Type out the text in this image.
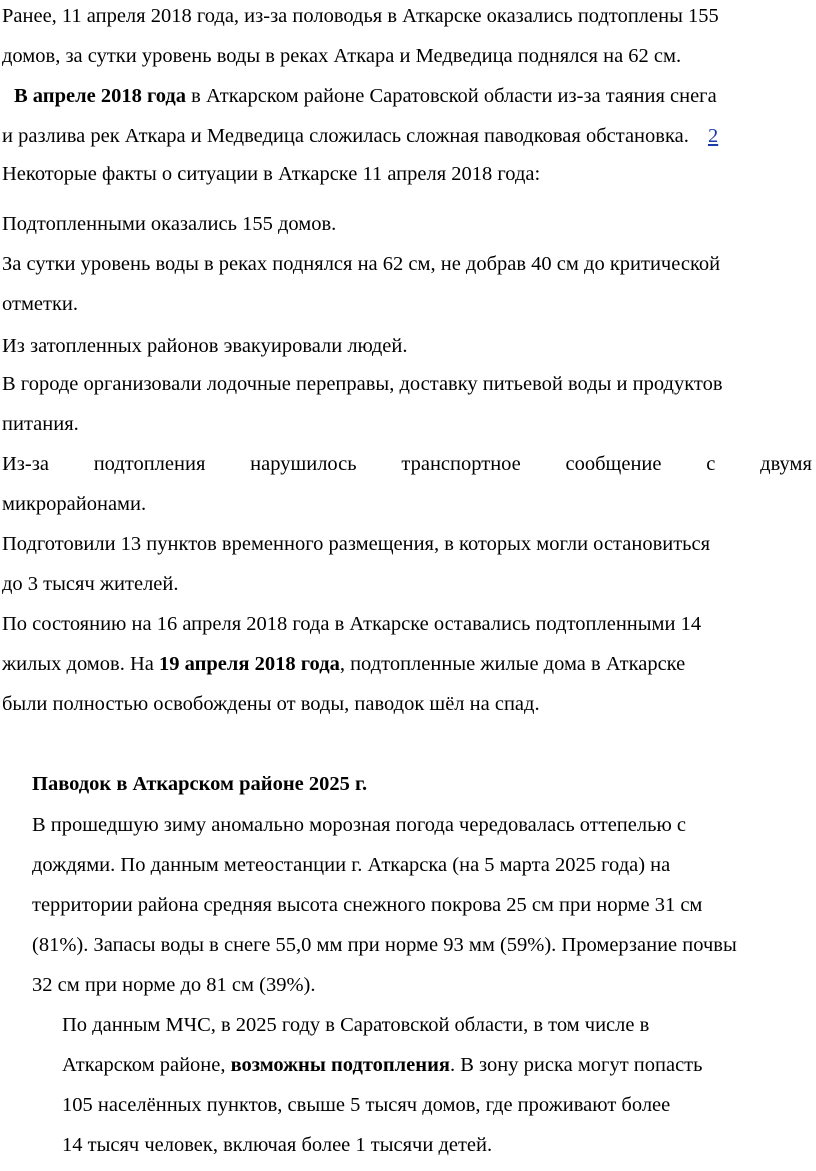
Ранее, 11 апреля 2018 года, из-за половодья в Аткарске оказались подтоплены 155
домов, за сутки уровень воды в реках Аткара и Медведица поднялся на 62 см.
В апреле 2018 года в Аткарском районе Саратовской области из-за таяния снега
и разлива рек Аткара и Медведица сложилась сложная паводковая обстановка. 2
Некоторые факты о ситуации в Аткарске 11 апреля 2018 года:
Подтопленными оказались 155 домов.
За сутки уровень воды в реках поднялся на 62 см, не добрав 40 см до критической
отметки.
Из затопленных районов эвакуировали людей.
В городе организовали лодочные переправы, доставку питьевой воды и продуктов
питания.
Из-за подтопления нарушилось транспортное сообщение с двумя
микрорайонами.
Подготовили 13 пунктов временного размещения, в которых могли остановиться
до 3 тысяч жителей.
По состоянию на 16 апреля 2018 года в Аткарске оставались подтопленными 14
жилых домов. На 19 апреля 2018 года, подтопленные жилые дома в Аткарске
были полностью освобождены от воды, паводок шёл на спад.
Паводок в Аткарском районе 2025 г.
В прошедшую зиму аномально морозная погода чередовалась оттепелью с
дождями. По данным метеостанции г. Аткарска (на 5 марта 2025 года) на
территории района средняя высота снежного покрова 25 см при норме 31 см
(81%). Запасы воды в снеге 55,0 мм при норме 93 мм (59%). Промерзание почвы
32 см при норме до 81 см (39%).
По данным МЧС, в 2025 году в Саратовской области, в том числе в
Аткарском районе, возможны подтопления. В зону риска могут попасть
105 населённых пунктов, свыше 5 тысяч домов, где проживают более
14 тысяч человек, включая более 1 тысячи детей.
